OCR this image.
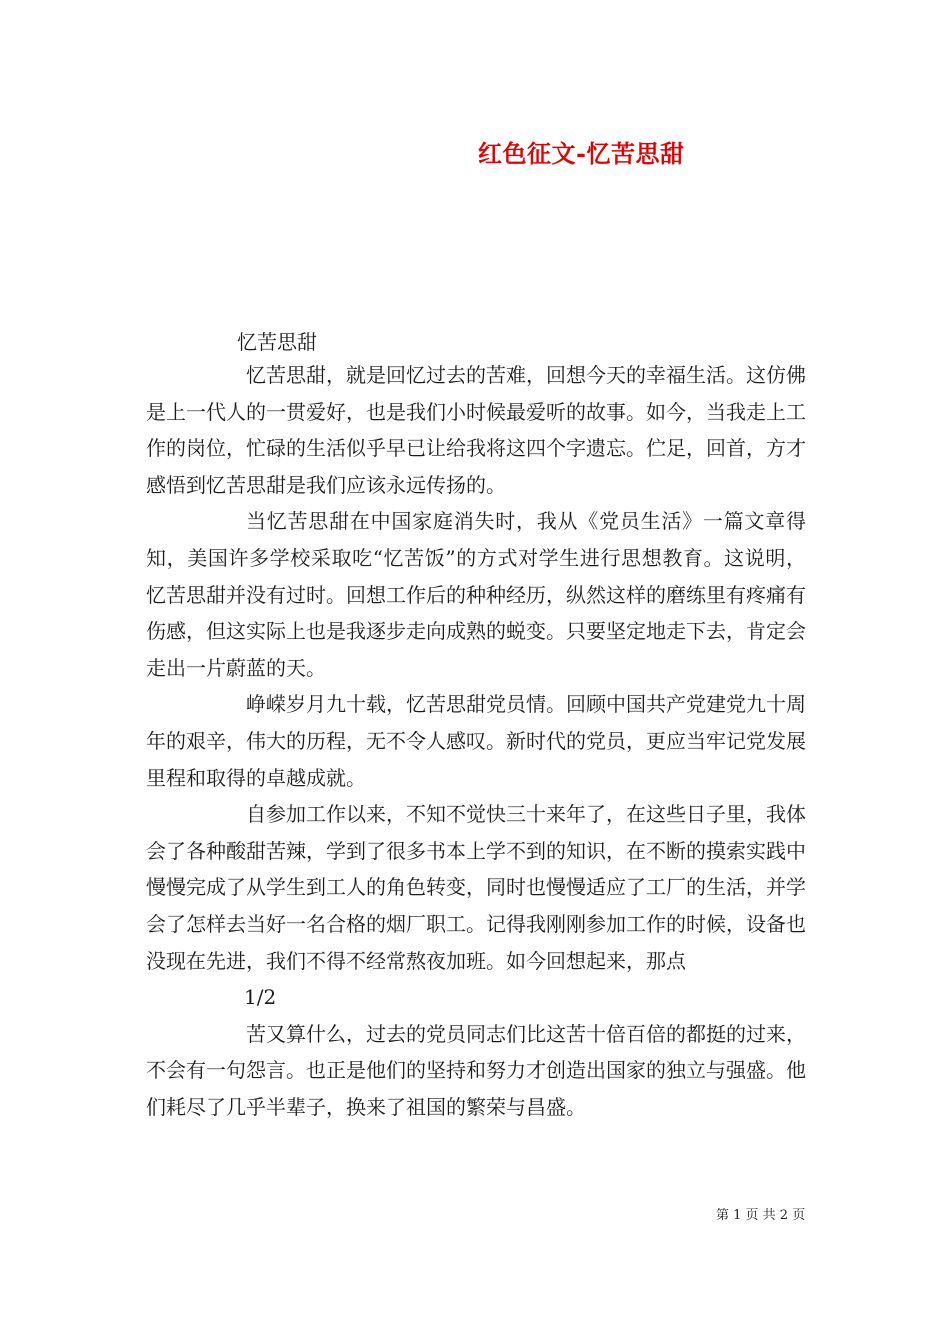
红色征文-忆苦思甜
忆苦思甜

忆苦思甜，就是回忆过去的苦难，回想今天的幸福生活。这仿佛是上一代人的一贯爱好，也是我们小时候最爱听的故事。如今，当我走上工作的岗位，忙碌的生活似乎早已让给我将这四个字遗忘。伫足，回首，方才感悟到忆苦思甜是我们应该永远传扬的。

当忆苦思甜在中国家庭消失时，我从《党员生活》一篇文章得知，美国许多学校采取吃“忆苦饭”的方式对学生进行思想教育。这说明，忆苦思甜并没有过时。回想工作后的种种经历，纵然这样的磨练里有疼痛有伤感，但这实际上也是我逐步走向成熟的蜕变。只要坚定地走下去，肯定会走出一片蔚蓝的天。

峥嵘岁月九十载，忆苦思甜党员情。回顾中国共产党建党九十周年的艰辛，伟大的历程，无不令人感叹。新时代的党员，更应当牢记党发展里程和取得的卓越成就。

自参加工作以来，不知不觉快三十来年了，在这些日子里，我体会了各种酸甜苦辣，学到了很多书本上学不到的知识，在不断的摸索实践中慢慢完成了从学生到工人的角色转变，同时也慢慢适应了工厂的生活，并学会了怎样去当好一名合格的烟厂职工。记得我刚刚参加工作的时候，设备也没现在先进，我们不得不经常熬夜加班。如今回想起来，那点

1/2

苦又算什么，过去的党员同志们比这苦十倍百倍的都挺的过来，不会有一句怨言。也正是他们的坚持和努力才创造出国家的独立与强盛。他们耗尽了几乎半辈子，换来了祖国的繁荣与昌盛。

第 1 页 共 2 页
